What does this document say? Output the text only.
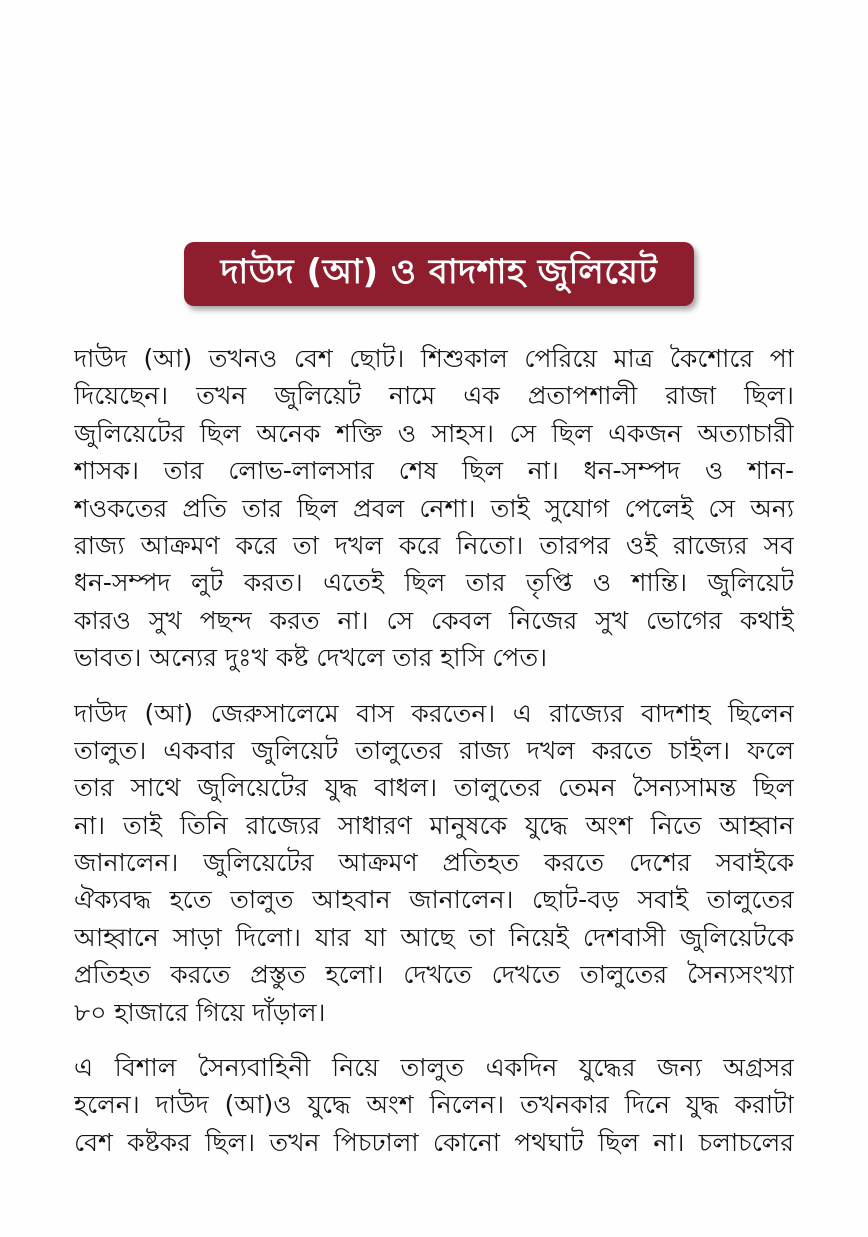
দাউদ (আ) ও বাদশাহ জুলিয়েট
দাউদ (আ) তখনও বেশ ছোট। শিশুকাল পেরিয়ে মাত্র কৈশোরে পা
দিয়েছেন। তখন জুলিয়েট নামে এক প্রতাপশালী রাজা ছিল।
জুলিয়েটের ছিল অনেক শক্তি ও সাহস। সে ছিল একজন অত্যাচারী
শাসক। তার লোভ-লালসার শেষ ছিল না। ধন-সম্পদ ও শান-
শওকতের প্রতি তার ছিল প্রবল নেশা। তাই সুযোগ পেলেই সে অন্য
রাজ্য আক্রমণ করে তা দখল করে নিতো। তারপর ওই রাজ্যের সব
ধন-সম্পদ লুট করত। এতেই ছিল তার তৃপ্তি ও শান্তি। জুলিয়েট
কারও সুখ পছন্দ করত না। সে কেবল নিজের সুখ ভোগের কথাই
ভাবত। অন্যের দুঃখ কষ্ট দেখলে তার হাসি পেত।
দাউদ (আ) জেরুসালেমে বাস করতেন। এ রাজ্যের বাদশাহ ছিলেন
তালুত। একবার জুলিয়েট তালুতের রাজ্য দখল করতে চাইল। ফলে
তার সাথে জুলিয়েটের যুদ্ধ বাধল। তালুতের তেমন সৈন্যসামন্ত ছিল
না। তাই তিনি রাজ্যের সাধারণ মানুষকে যুদ্ধে অংশ নিতে আহ্বান
জানালেন। জুলিয়েটের আক্রমণ প্রতিহত করতে দেশের সবাইকে
ঐক্যবদ্ধ হতে তালুত আহবান জানালেন। ছোট-বড় সবাই তালুতের
আহ্বানে সাড়া দিলো। যার যা আছে তা নিয়েই দেশবাসী জুলিয়েটকে
প্রতিহত করতে প্রস্তুত হলো। দেখতে দেখতে তালুতের সৈন্যসংখ্যা
৮০ হাজারে গিয়ে দাঁড়াল।
এ বিশাল সৈন্যবাহিনী নিয়ে তালুত একদিন যুদ্ধের জন্য অগ্রসর
হলেন। দাউদ (আ)ও যুদ্ধে অংশ নিলেন। তখনকার দিনে যুদ্ধ করাটা
বেশ কষ্টকর ছিল। তখন পিচঢালা কোনো পথঘাট ছিল না। চলাচলের
